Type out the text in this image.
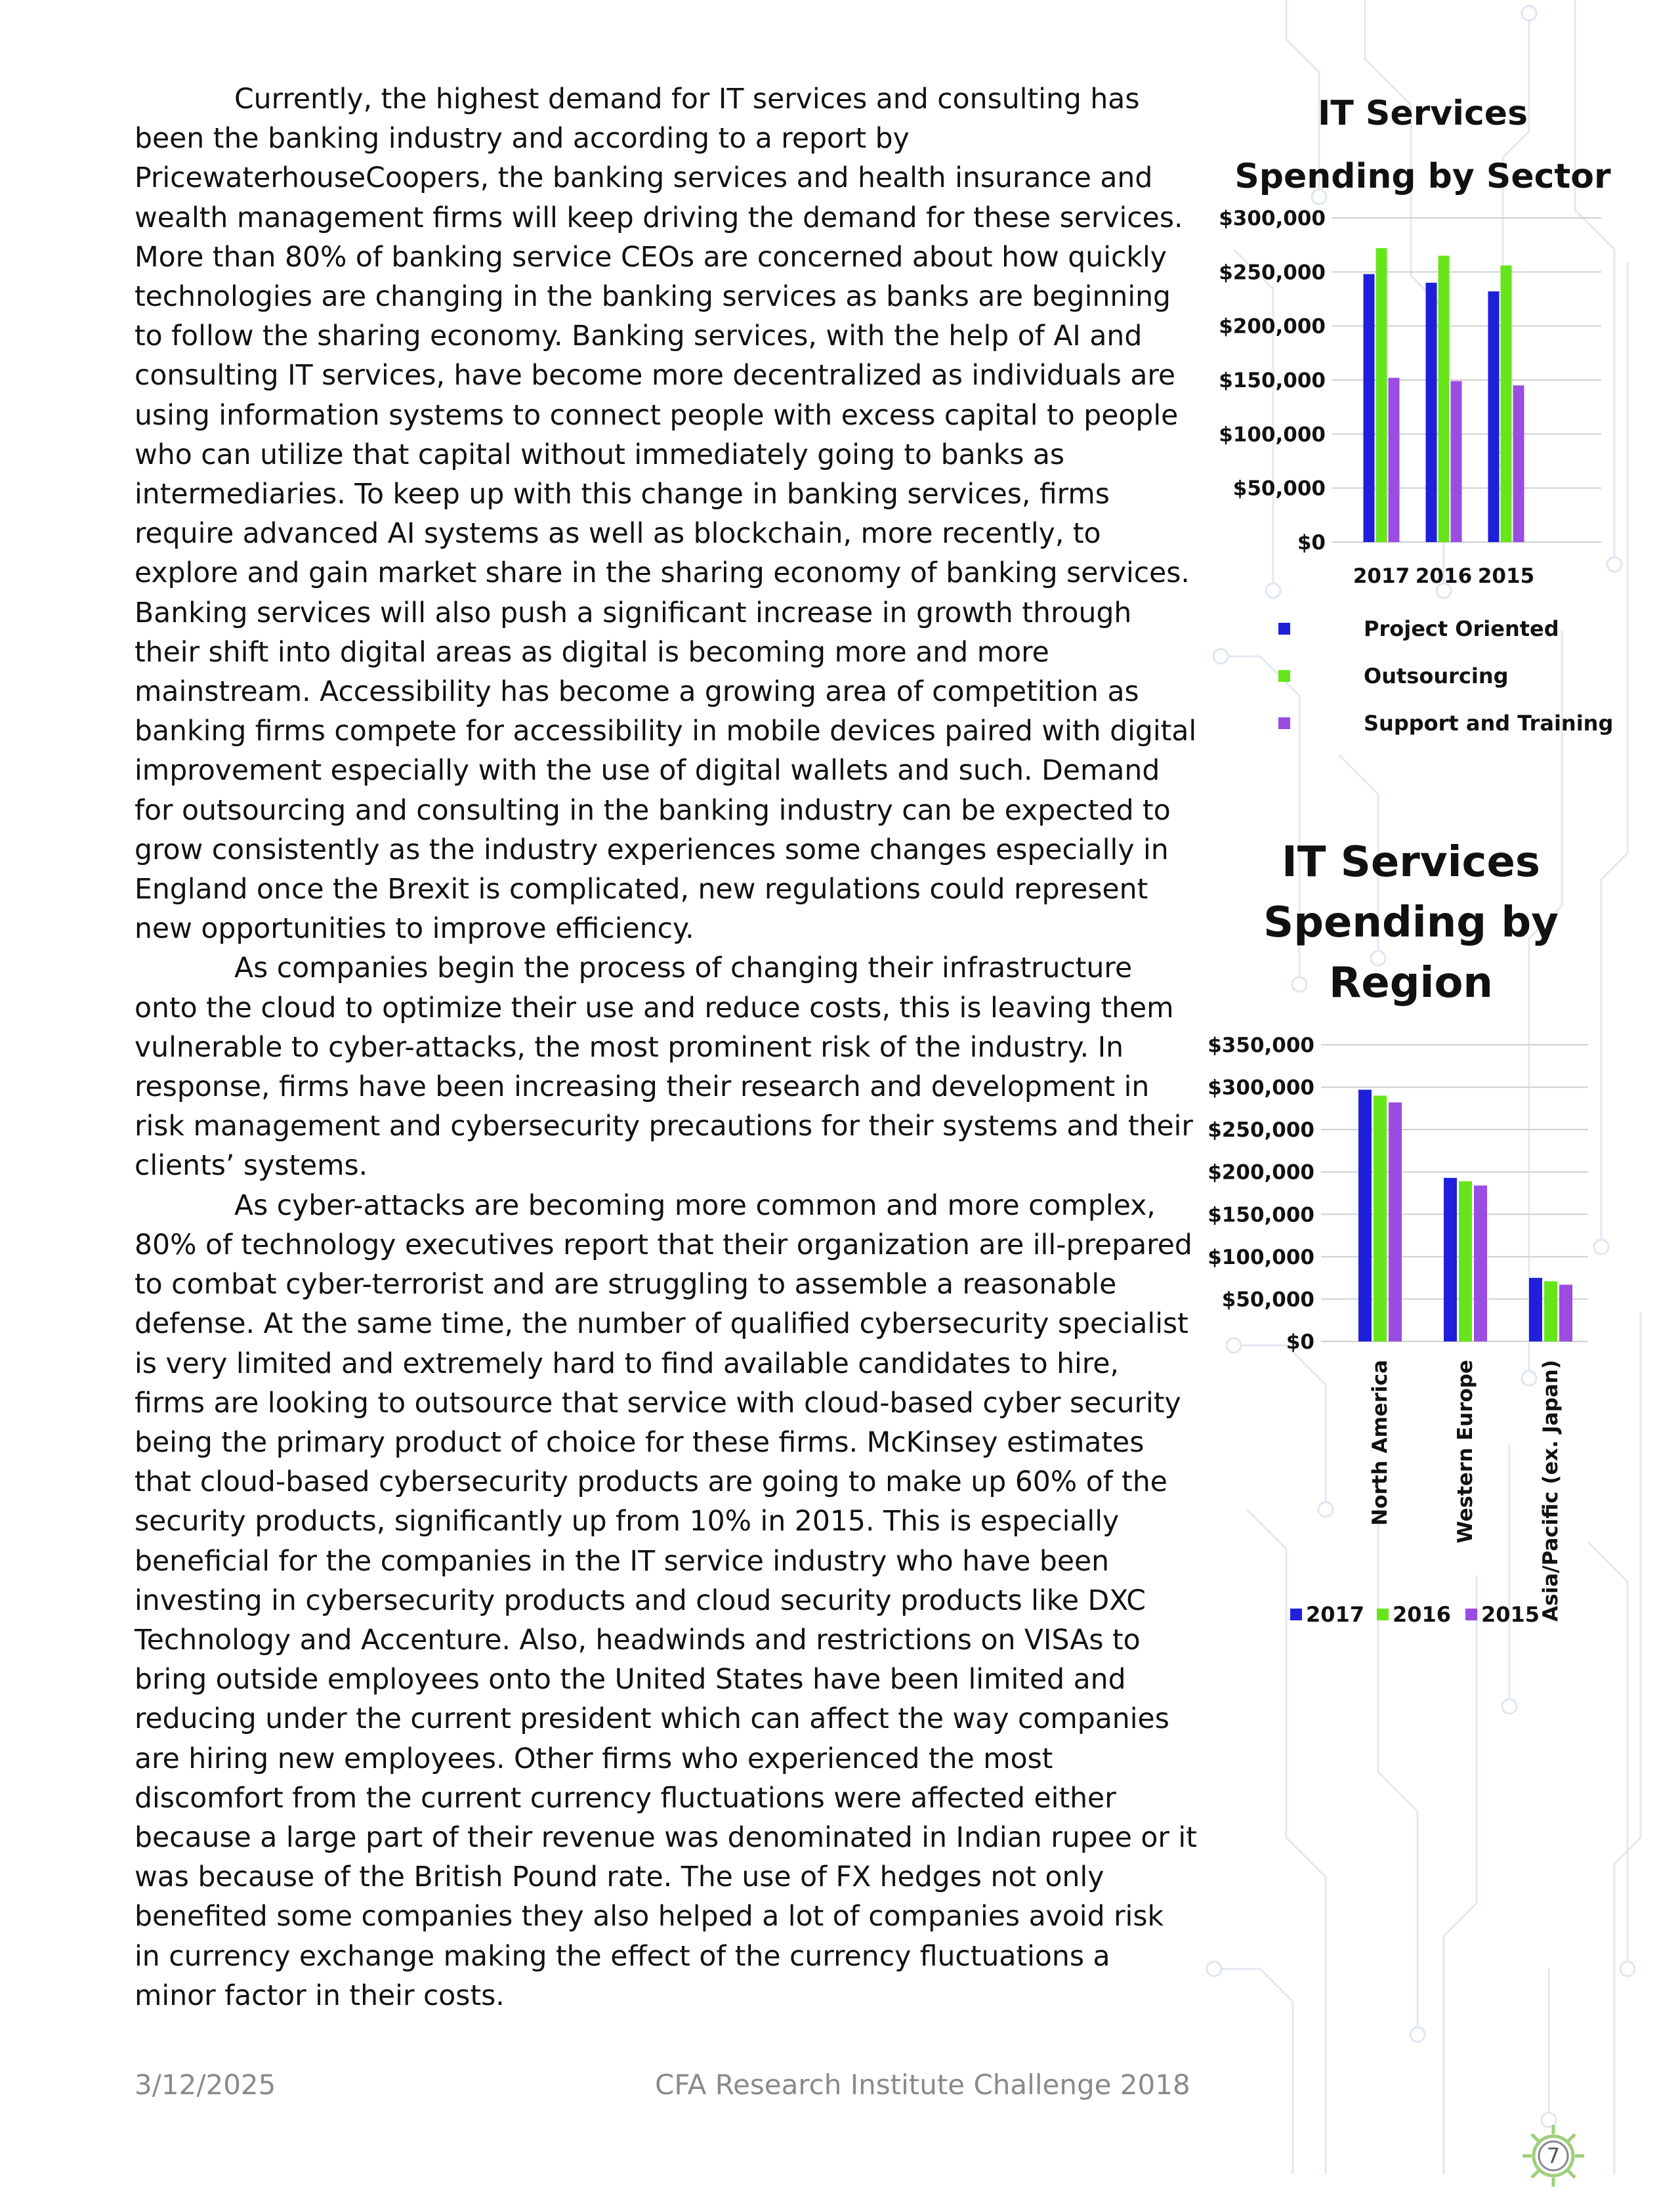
Currently, the highest demand for IT services and consulting has been the banking industry and according to a report by PricewaterhouseCoopers, the banking services and health insurance and wealth management firms will keep driving the demand for these services. More than 80% of banking service CEOs are concerned about how quickly technologies are changing in the banking services as banks are beginning to follow the sharing economy. Banking services, with the help of AI and consulting IT services, have become more decentralized as individuals are using information systems to connect people with excess capital to people who can utilize that capital without immediately going to banks as intermediaries. To keep up with this change in banking services, firms require advanced AI systems as well as blockchain, more recently, to explore and gain market share in the sharing economy of banking services. Banking services will also push a significant increase in growth through their shift into digital areas as digital is becoming more and more mainstream. Accessibility has become a growing area of competition as banking firms compete for accessibility in mobile devices paired with digital improvement especially with the use of digital wallets and such. Demand for outsourcing and consulting in the banking industry can be expected to grow consistently as the industry experiences some changes especially in England once the Brexit is complicated, new regulations could represent new opportunities to improve efficiency.

As companies begin the process of changing their infrastructure onto the cloud to optimize their use and reduce costs, this is leaving them vulnerable to cyber-attacks, the most prominent risk of the industry. In response, firms have been increasing their research and development in risk management and cybersecurity precautions for their systems and their clients’ systems.

As cyber-attacks are becoming more common and more complex, 80% of technology executives report that their organization are ill-prepared to combat cyber-terrorist and are struggling to assemble a reasonable defense. At the same time, the number of qualified cybersecurity specialist is very limited and extremely hard to find available candidates to hire, firms are looking to outsource that service with cloud-based cyber security being the primary product of choice for these firms. McKinsey estimates that cloud-based cybersecurity products are going to make up 60% of the security products, significantly up from 10% in 2015. This is especially beneficial for the companies in the IT service industry who have been investing in cybersecurity products and cloud security products like DXC Technology and Accenture. Also, headwinds and restrictions on VISAs to bring outside employees onto the United States have been limited and reducing under the current president which can affect the way companies are hiring new employees. Other firms who experienced the most discomfort from the current currency fluctuations were affected either because a large part of their revenue was denominated in Indian rupee or it was because of the British Pound rate. The use of FX hedges not only benefited some companies they also helped a lot of companies avoid risk in currency exchange making the effect of the currency fluctuations a minor factor in their costs.

IT Services
Spending by Sector
$300,000
$250,000
$200,000
$150,000
$100,000
$50,000
$0
2017 2016 2015
Project Oriented
Outsourcing
Support and Training
IT Services
Spending by
Region
$350,000
$300,000
$250,000
$200,000
$150,000
$100,000
$50,000
$0
North America	Western Europe	Asia/Pacific (ex. Japan)
2017 2016 2015
3/12/2025	CFA Research Institute Challenge 2018
7
